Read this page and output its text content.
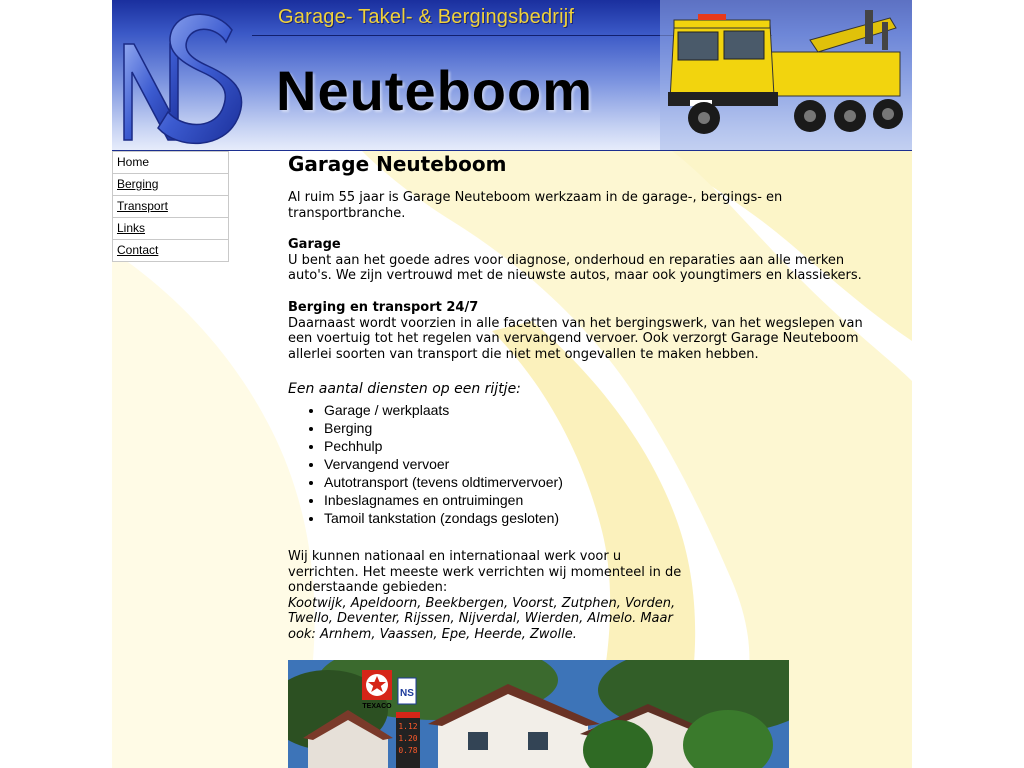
Garage- Takel- & Bergingsbedrijf
Neuteboom
Home
Berging
Transport
Links
Contact
Garage Neuteboom

Al ruim 55 jaar is Garage Neuteboom werkzaam in de garage-, bergings- en transportbranche.

Garage

U bent aan het goede adres voor diagnose, onderhoud en reparaties aan alle merken auto's. We zijn vertrouwd met de nieuwste autos, maar ook youngtimers en klassiekers.

Berging en transport 24/7

Daarnaast wordt voorzien in alle facetten van het bergingswerk, van het wegslepen van een voertuig tot het regelen van vervangend vervoer. Ook verzorgt Garage Neuteboom allerlei soorten van transport die niet met ongevallen te maken hebben.

Een aantal diensten op een rijtje:

• Garage / werkplaats
• Berging
• Pechhulp
• Vervangend vervoer
• Autotransport (tevens oldtimervervoer)
• Inbeslagnames en ontruimingen
• Tamoil tankstation (zondags gesloten)

Wij kunnen nationaal en internationaal werk voor u verrichten. Het meeste werk verrichten wij momenteel in de onderstaande gebieden:

Kootwijk, Apeldoorn, Beekbergen, Voorst, Zutphen, Vorden, Twello, Deventer, Rijssen, Nijverdal, Wierden, Almelo. Maar ook: Arnhem, Vaassen, Epe, Heerde, Zwolle.

TEXACO
NS
1.12
1.20
0.78
